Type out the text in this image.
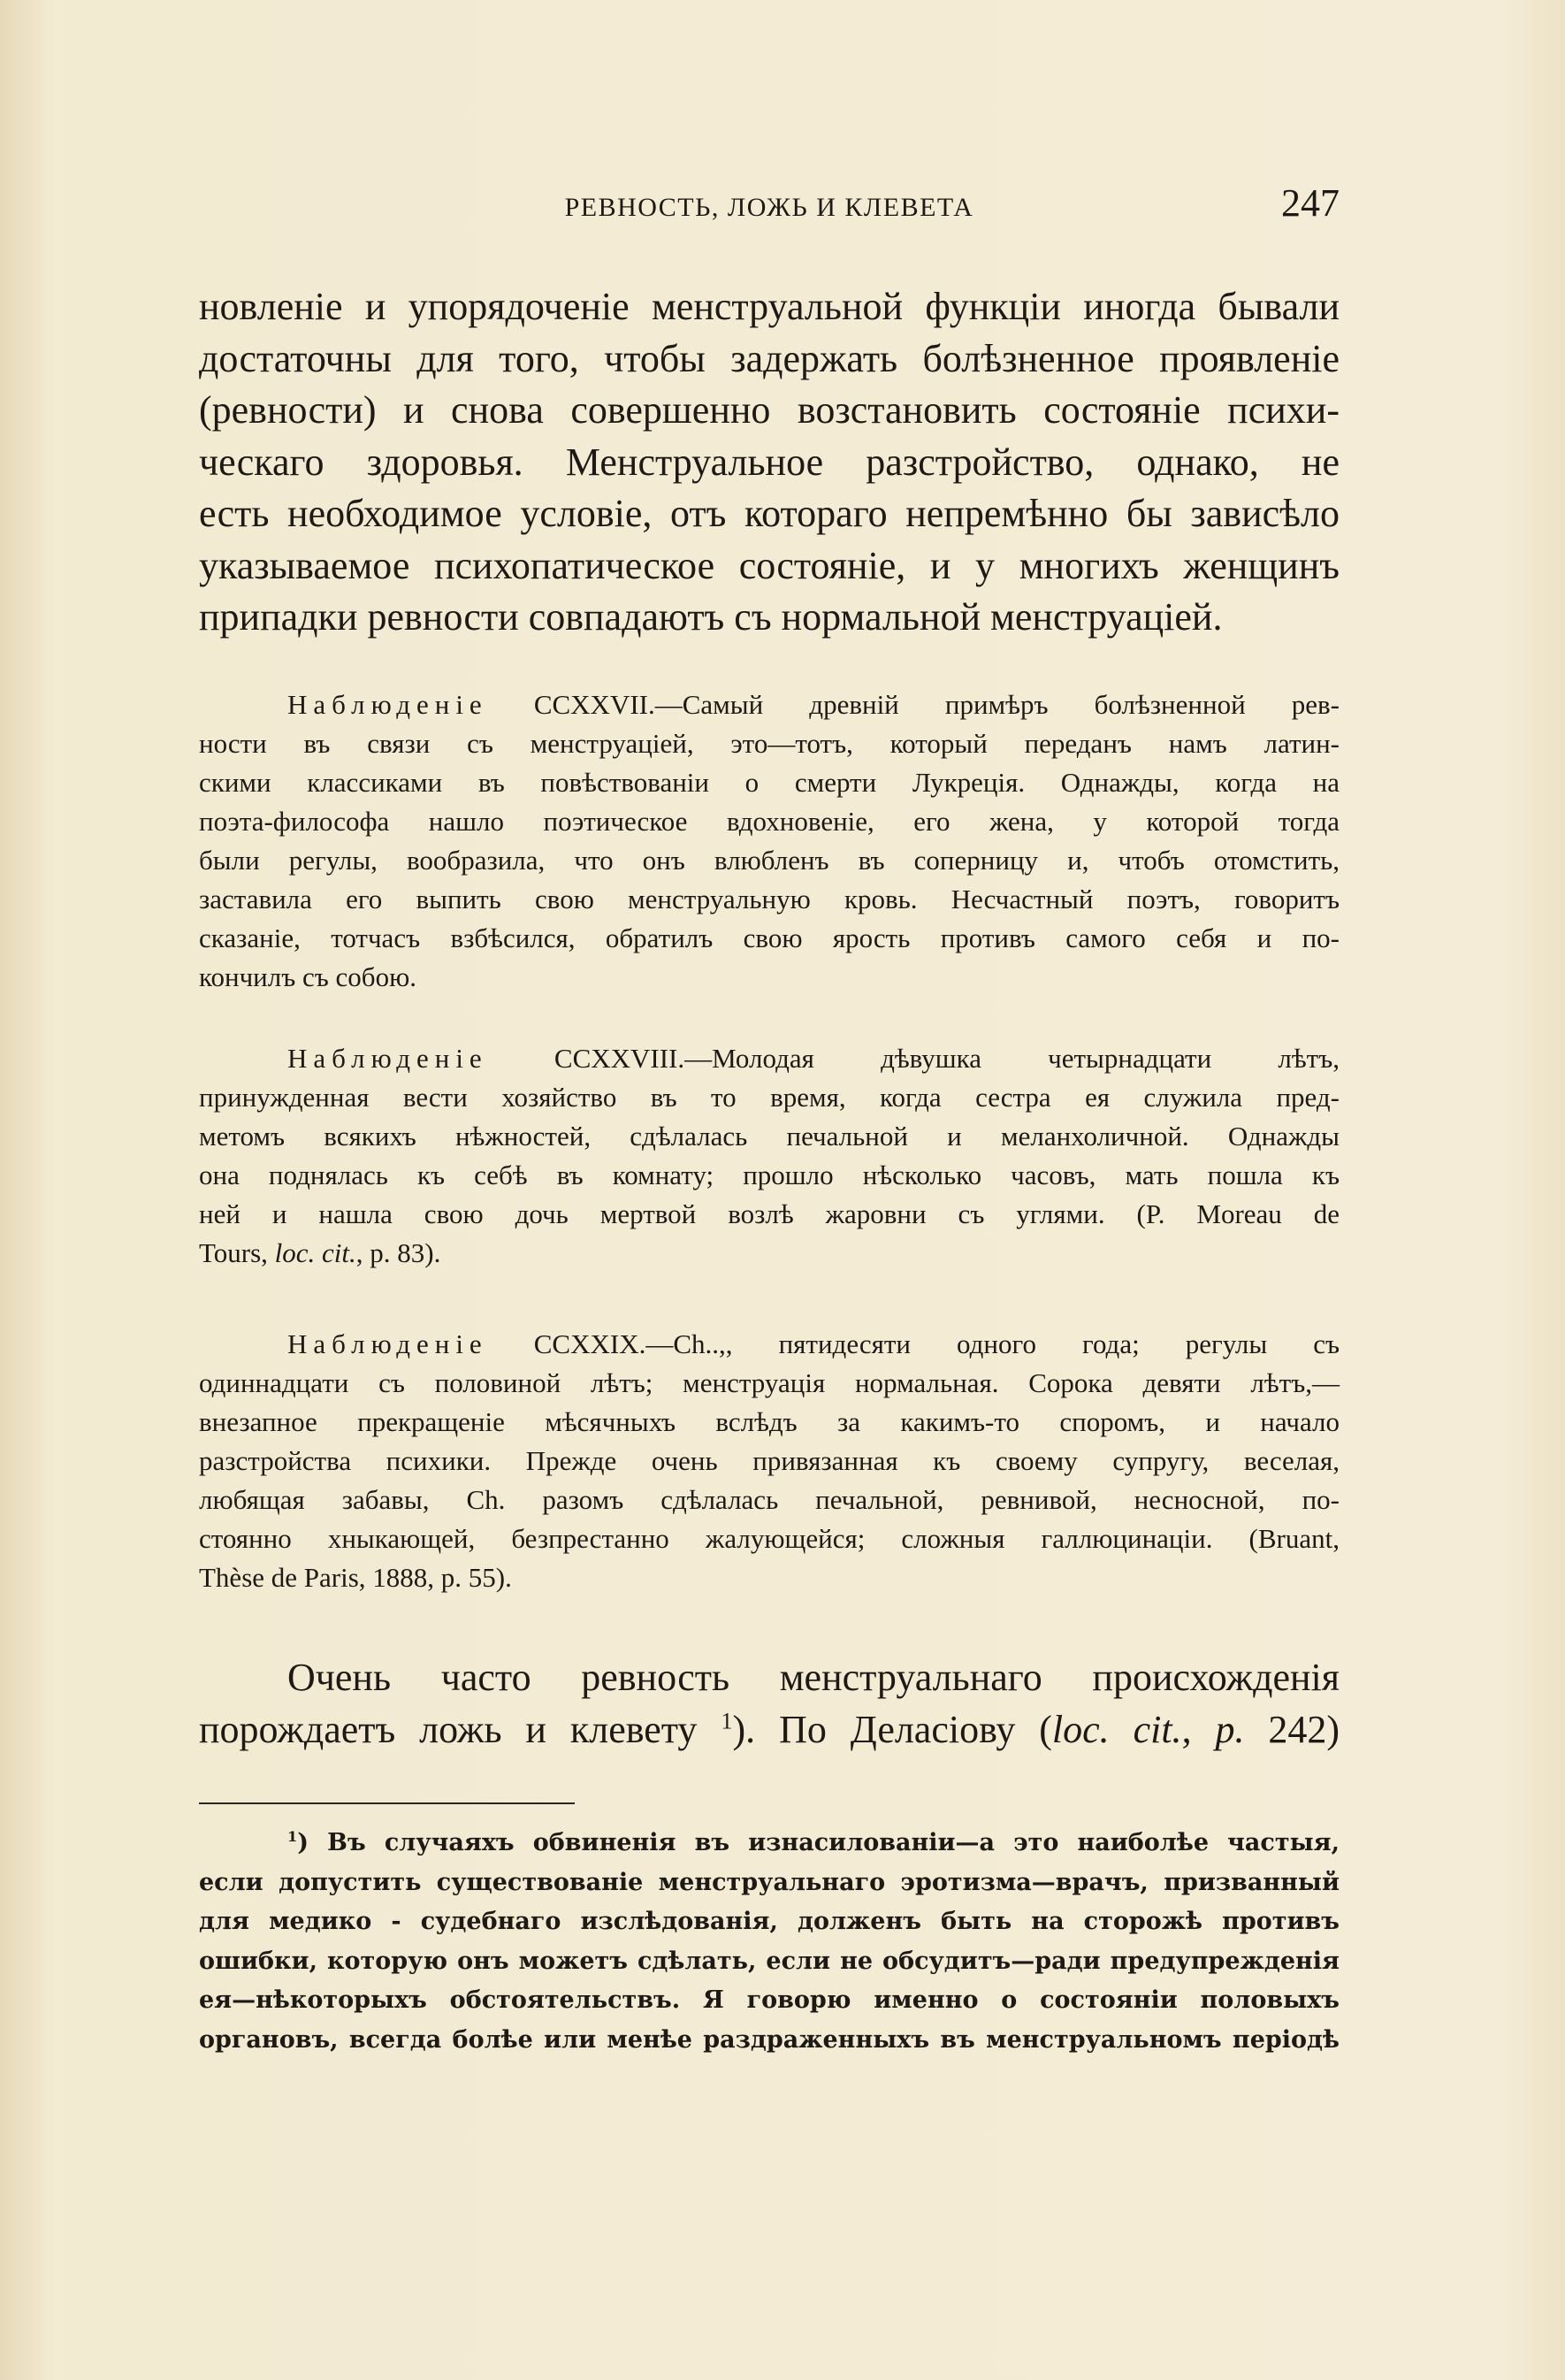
РЕВНОСТЬ, ЛОЖЬ И КЛЕВЕТА	247
новленіе и упорядоченіе менструальной функціи иногда бывали
достаточны для того, чтобы задержать болѣзненное проявленіе
(ревности) и снова совершенно возстановить состояніе психи-
ческаго здоровья. Менструальное разстройство, однако, не
есть необходимое условіе, отъ котораго непремѣнно бы зависѣло
указываемое психопатическое состояніе, и у многихъ женщинъ
припадки ревности совпадаютъ съ нормальной менструаціей.
Наблюденіе CCXXVII.—Самый древній примѣръ болѣзненной рев-
ности въ связи съ менструаціей, это—тотъ, который переданъ намъ латин-
скими классиками въ повѣствованіи о смерти Лукреція. Однажды, когда на
поэта-философа нашло поэтическое вдохновеніе, его жена, у которой тогда
были регулы, вообразила, что онъ влюбленъ въ соперницу и, чтобъ отомстить,
заставила его выпить свою менструальную кровь. Несчастный поэтъ, говоритъ
сказаніе, тотчасъ взбѣсился, обратилъ свою ярость противъ самого себя и по-
кончилъ съ собою.
Наблюденіе CCXXVIII.—Молодая дѣвушка четырнадцати лѣтъ,
принужденная вести хозяйство въ то время, когда сестра ея служила пред-
метомъ всякихъ нѣжностей, сдѣлалась печальной и меланхоличной. Однажды
она поднялась къ себѣ въ комнату; прошло нѣсколько часовъ, мать пошла къ
ней и нашла свою дочь мертвой возлѣ жаровни съ углями. (P. Moreau de
Tours, loc. cit., p. 83).
Наблюденіе CCXXIX.—Ch..,, пятидесяти одного года; регулы съ
одиннадцати съ половиной лѣтъ; менструація нормальная. Сорока девяти лѣтъ,—
внезапное прекращеніе мѣсячныхъ вслѣдъ за какимъ-то споромъ, и начало
разстройства психики. Прежде очень привязанная къ своему супругу, веселая,
любящая забавы, Ch. разомъ сдѣлалась печальной, ревнивой, несносной, по-
стоянно хныкающей, безпрестанно жалующейся; сложныя галлюцинаціи. (Bruant,
Thèse de Paris, 1888, p. 55).
Очень часто ревность менструальнаго происхожденія
порождаетъ ложь и клевету $^1$). По Деласіову (loc. cit., p. 242)
$^1$) Въ случаяхъ обвиненія въ изнасилованіи—а это наиболѣе частыя,
если допустить существованіе менструальнаго эротизма—врачъ, призванный
для медико - судебнаго изслѣдованія, долженъ быть на сторожѣ противъ
ошибки, которую онъ можетъ сдѣлать, если не обсудитъ—ради предупрежденія
ея—нѣкоторыхъ обстоятельствъ. Я говорю именно о состояніи половыхъ
органовъ, всегда болѣе или менѣе раздраженныхъ въ менструальномъ періодѣ
